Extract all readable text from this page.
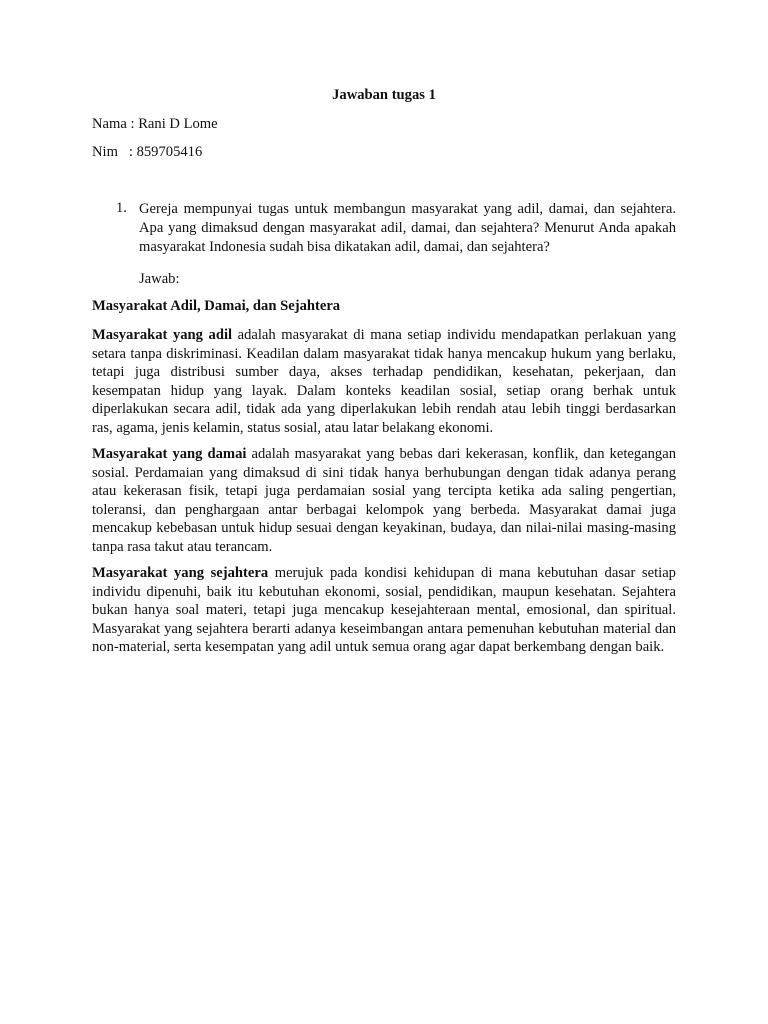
Jawaban tugas 1
Nama : Rani D Lome
Nim   : 859705416
1. Gereja mempunyai tugas untuk membangun masyarakat yang adil, damai, dan sejahtera. Apa yang dimaksud dengan masyarakat adil, damai, dan sejahtera? Menurut Anda apakah masyarakat Indonesia sudah bisa dikatakan adil, damai, dan sejahtera?
Jawab:
Masyarakat Adil, Damai, dan Sejahtera

Masyarakat yang adil adalah masyarakat di mana setiap individu mendapatkan perlakuan yang setara tanpa diskriminasi. Keadilan dalam masyarakat tidak hanya mencakup hukum yang berlaku, tetapi juga distribusi sumber daya, akses terhadap pendidikan, kesehatan, pekerjaan, dan kesempatan hidup yang layak. Dalam konteks keadilan sosial, setiap orang berhak untuk diperlakukan secara adil, tidak ada yang diperlakukan lebih rendah atau lebih tinggi berdasarkan ras, agama, jenis kelamin, status sosial, atau latar belakang ekonomi.

Masyarakat yang damai adalah masyarakat yang bebas dari kekerasan, konflik, dan ketegangan sosial. Perdamaian yang dimaksud di sini tidak hanya berhubungan dengan tidak adanya perang atau kekerasan fisik, tetapi juga perdamaian sosial yang tercipta ketika ada saling pengertian, toleransi, dan penghargaan antar berbagai kelompok yang berbeda. Masyarakat damai juga mencakup kebebasan untuk hidup sesuai dengan keyakinan, budaya, dan nilai-nilai masing-masing tanpa rasa takut atau terancam.

Masyarakat yang sejahtera merujuk pada kondisi kehidupan di mana kebutuhan dasar setiap individu dipenuhi, baik itu kebutuhan ekonomi, sosial, pendidikan, maupun kesehatan. Sejahtera bukan hanya soal materi, tetapi juga mencakup kesejahteraan mental, emosional, dan spiritual. Masyarakat yang sejahtera berarti adanya keseimbangan antara pemenuhan kebutuhan material dan non-material, serta kesempatan yang adil untuk semua orang agar dapat berkembang dengan baik.
